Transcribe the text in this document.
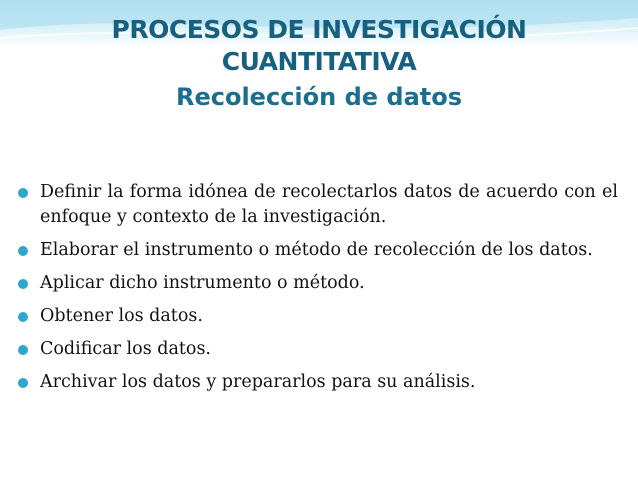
PROCESOS DE INVESTIGACIÓN
CUANTITATIVA
Recolección de datos
Definir la forma idónea de recolectarlos datos de acuerdo con el enfoque y contexto de la investigación.
Elaborar el instrumento o método de recolección de los datos.
Aplicar dicho instrumento o método.
Obtener los datos.
Codificar los datos.
Archivar los datos y prepararlos para su análisis.
